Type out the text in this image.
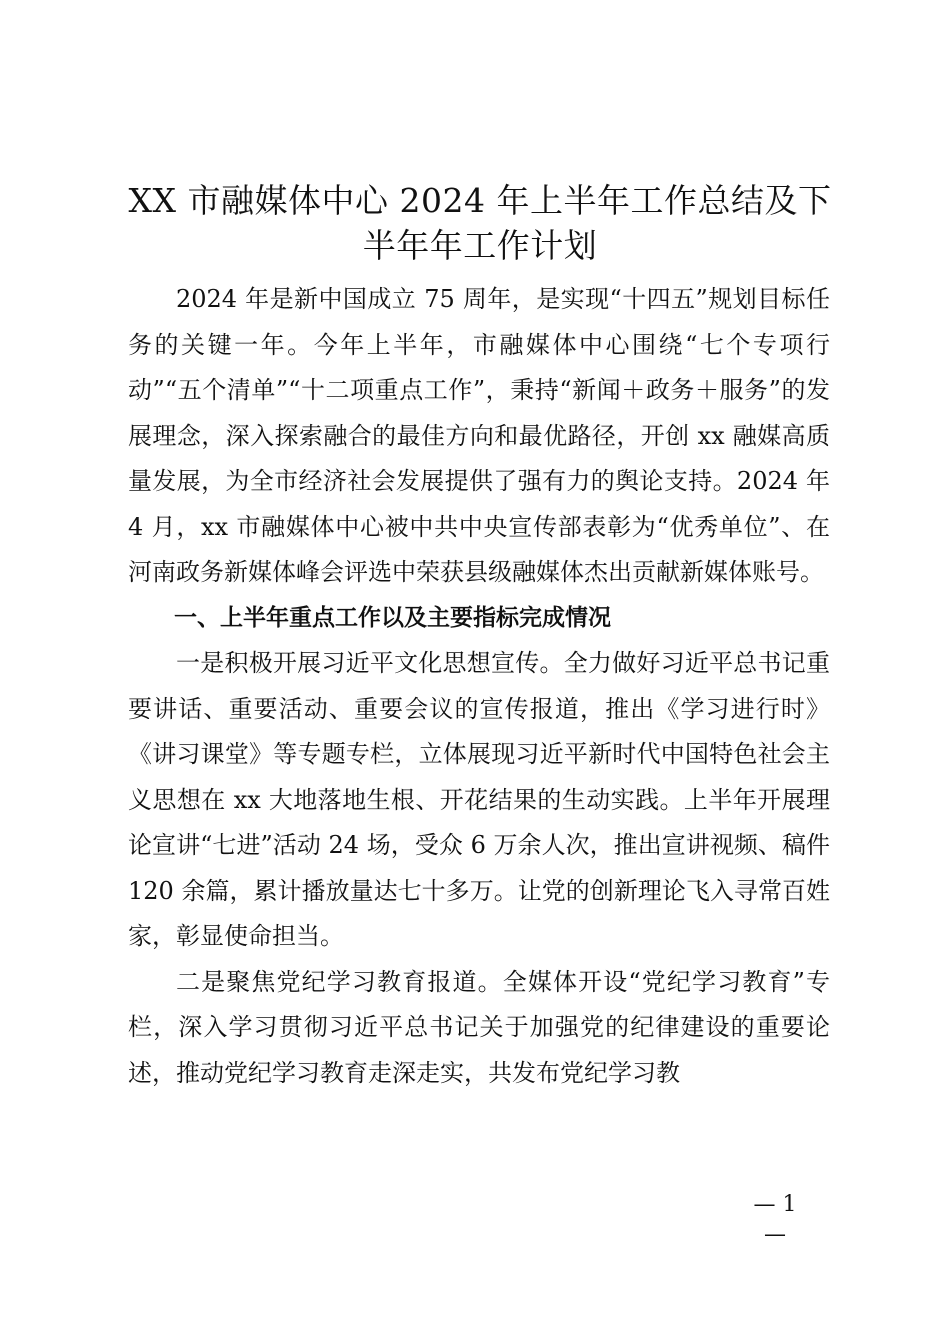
XX 市融媒体中心 2024 年上半年工作总结及下
半年年工作计划

2024 年是新中国成立 75 周年，是实现“十四五”规划目标任务的关键一年。今年上半年，市融媒体中心围绕“七个专项行动”“五个清单”“十二项重点工作”，秉持“新闻＋政务＋服务”的发展理念，深入探索融合的最佳方向和最优路径，开创 xx 融媒高质量发展，为全市经济社会发展提供了强有力的舆论支持。2024 年 4 月，xx 市融媒体中心被中共中央宣传部表彰为“优秀单位”、在河南政务新媒体峰会评选中荣获县级融媒体杰出贡献新媒体账号。

一、上半年重点工作以及主要指标完成情况

一是积极开展习近平文化思想宣传。全力做好习近平总书记重要讲话、重要活动、重要会议的宣传报道，推出《学习进行时》《讲习课堂》等专题专栏，立体展现习近平新时代中国特色社会主义思想在 xx 大地落地生根、开花结果的生动实践。上半年开展理论宣讲“七进”活动 24 场，受众 6 万余人次，推出宣讲视频、稿件 120 余篇，累计播放量达七十多万。让党的创新理论飞入寻常百姓家，彰显使命担当。

二是聚焦党纪学习教育报道。全媒体开设“党纪学习教育”专栏，深入学习贯彻习近平总书记关于加强党的纪律建设的重要论述，推动党纪学习教育走深走实，共发布党纪学习教

— 1 —
